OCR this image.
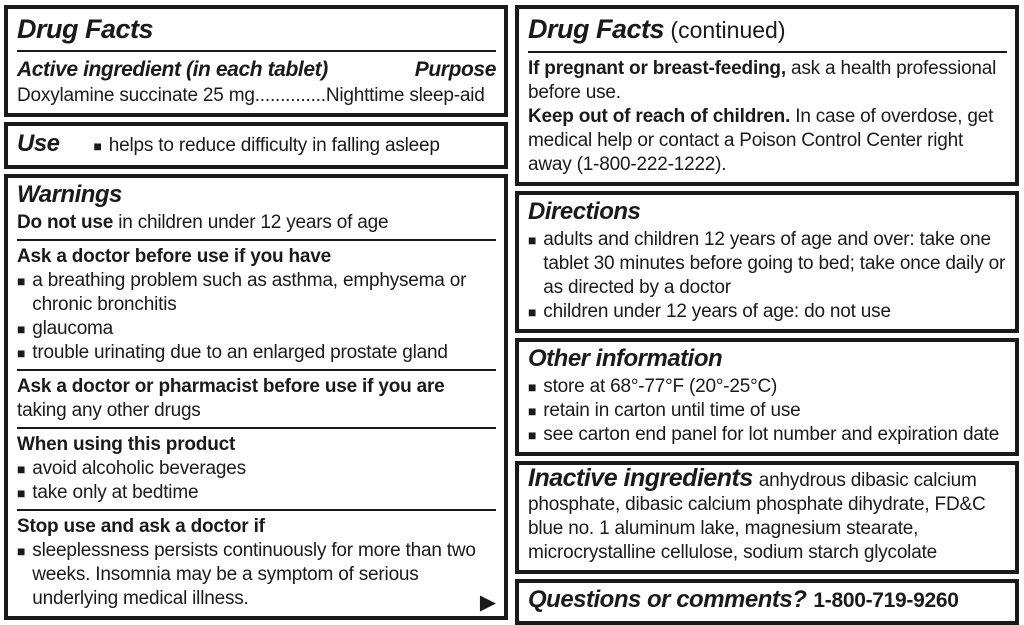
Drug Facts
Active ingredient (in each tablet)	Purpose
Doxylamine succinate 25 mg .............. Nighttime sleep-aid
Use ■ helps to reduce difficulty in falling asleep
Warnings

Do not use in children under 12 years of age

Ask a doctor before use if you have
■ a breathing problem such as asthma, emphysema or chronic bronchitis
■ glaucoma
■ trouble urinating due to an enlarged prostate gland
Ask a doctor or pharmacist before use if you are
taking any other drugs
When using this product
■ avoid alcoholic beverages
■ take only at bedtime
Stop use and ask a doctor if
■ sleeplessness persists continuously for more than two weeks. Insomnia may be a symptom of serious underlying medical illness.	▶
Drug Facts (continued)

If pregnant or breast-feeding, ask a health professional before use.

Keep out of reach of children. In case of overdose, get medical help or contact a Poison Control Center right away (1-800-222-1222).

Directions
■ adults and children 12 years of age and over: take one tablet 30 minutes before going to bed; take once daily or as directed by a doctor
■ children under 12 years of age: do not use
Other information
■ store at 68°-77°F (20°-25°C)
■ retain in carton until time of use
■ see carton end panel for lot number and expiration date

Inactive ingredients anhydrous dibasic calcium phosphate, dibasic calcium phosphate dihydrate, FD&C blue no. 1 aluminum lake, magnesium stearate, microcrystalline cellulose, sodium starch glycolate

Questions or comments? 1-800-719-9260
